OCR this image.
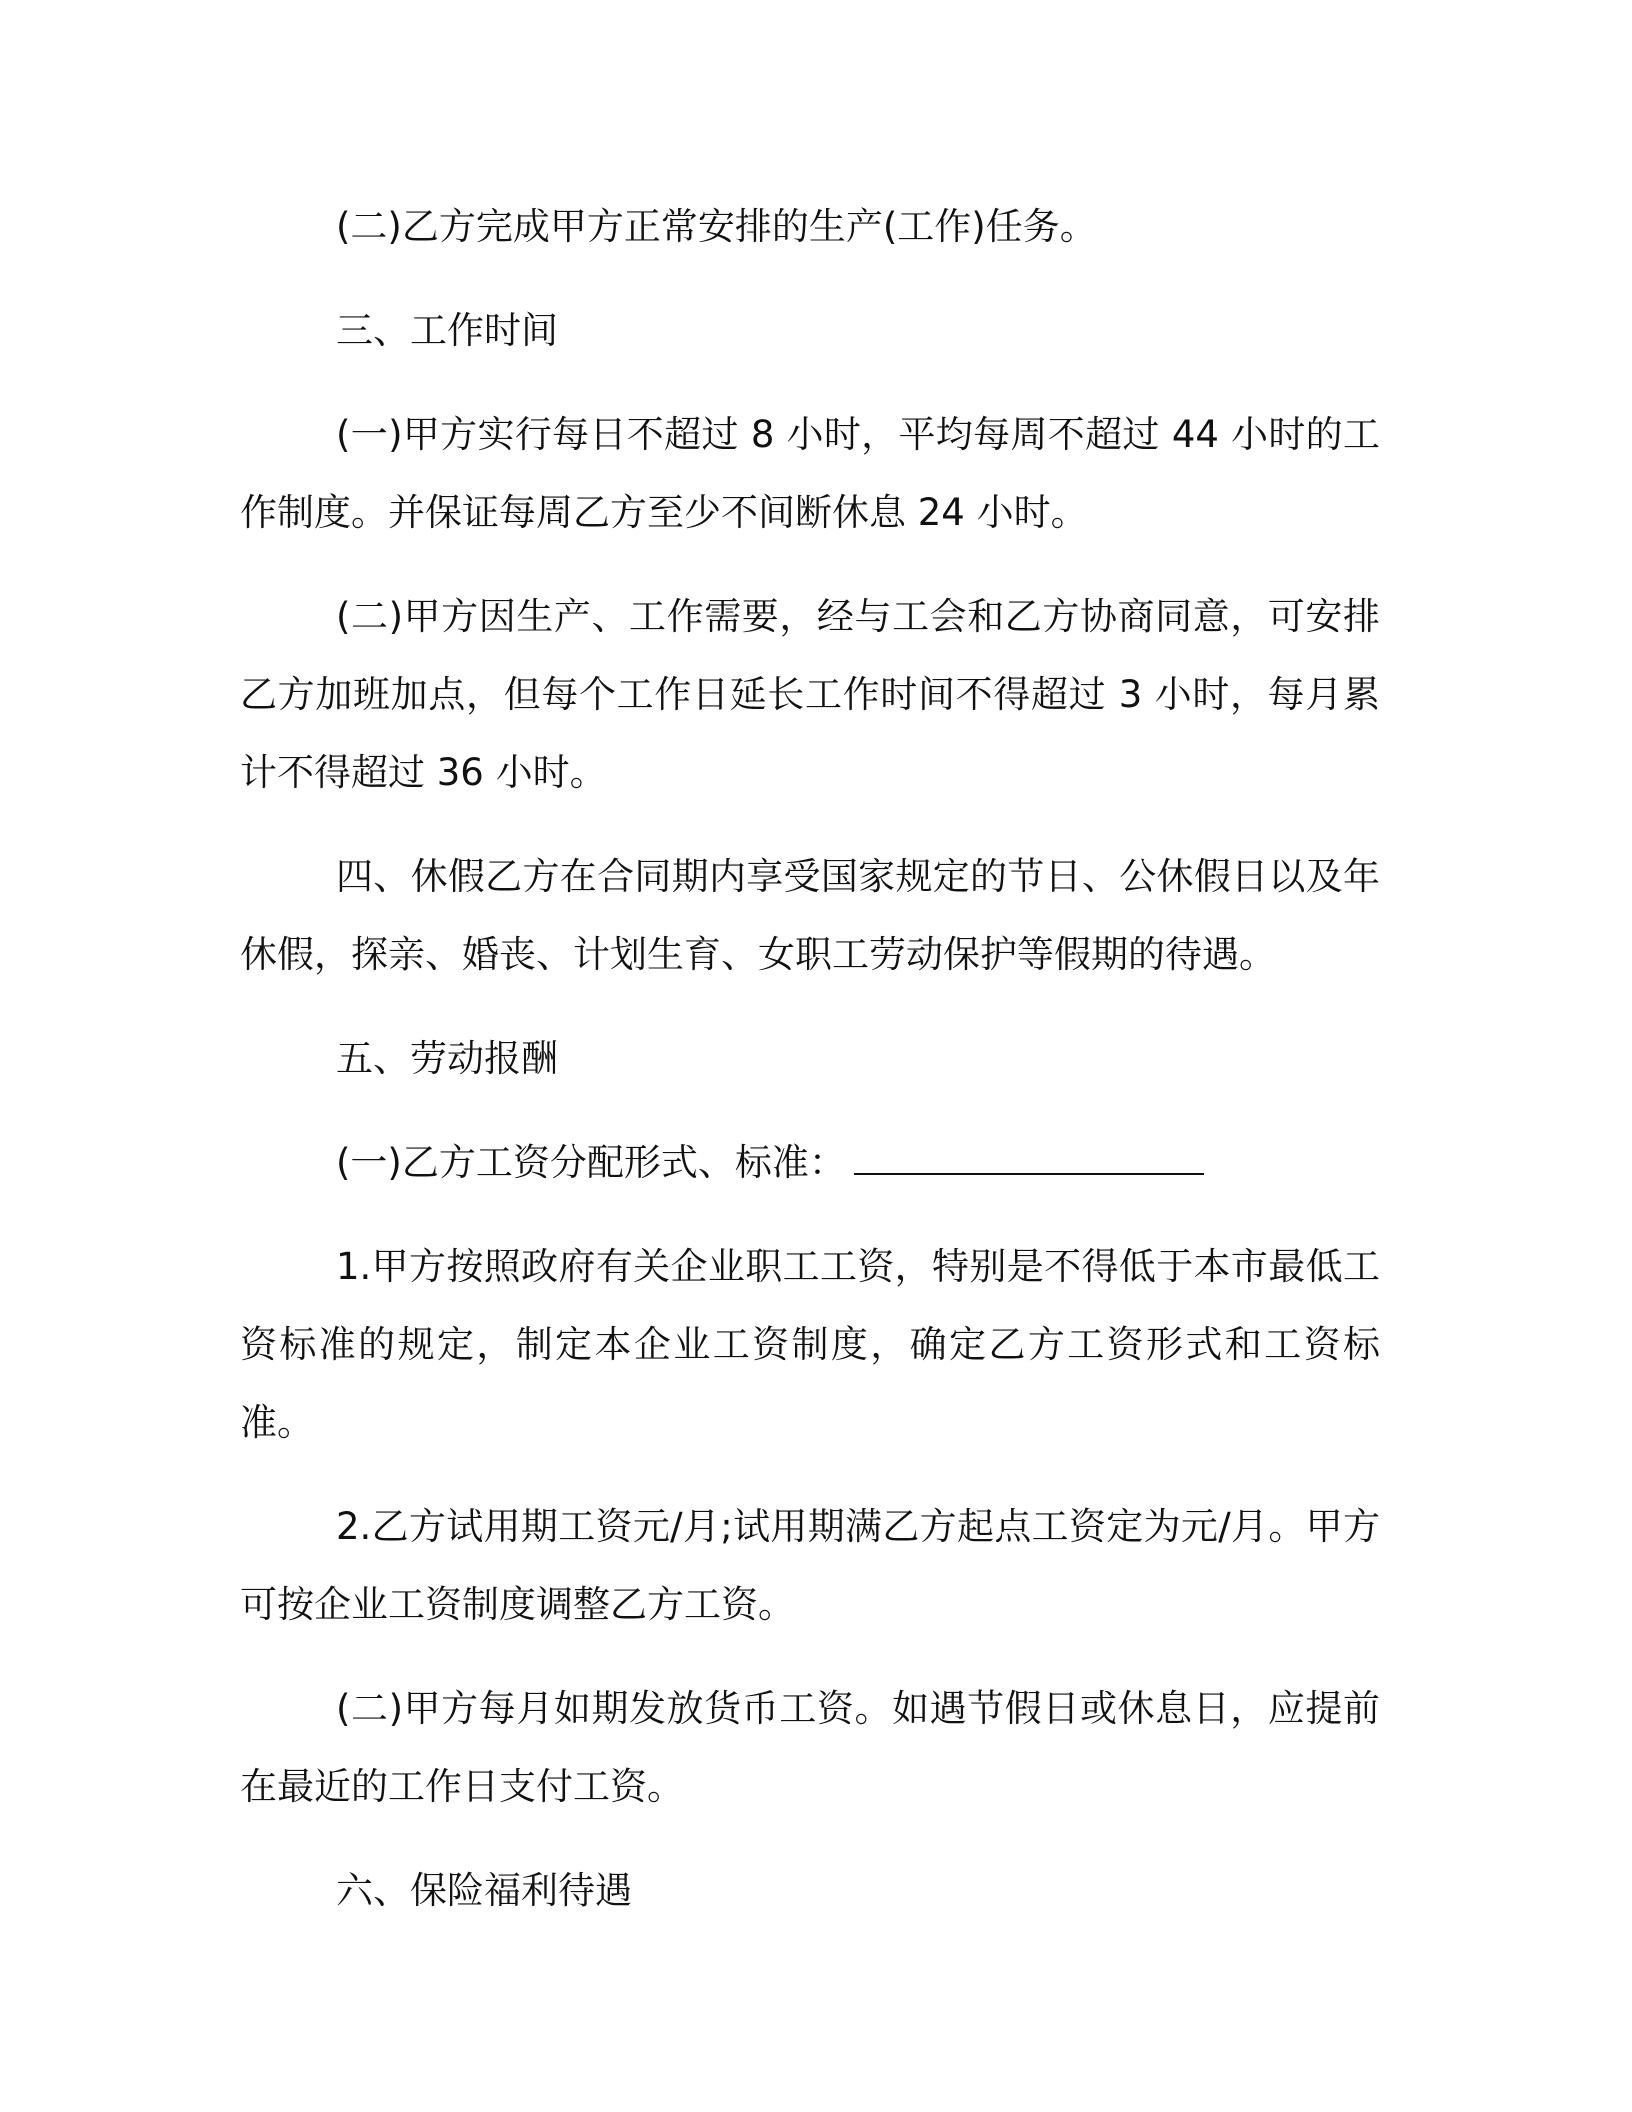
(二)乙方完成甲方正常安排的生产(工作)任务。

三、工作时间

(一)甲方实行每日不超过 8 小时，平均每周不超过 44 小时的工作制度。并保证每周乙方至少不间断休息 24 小时。

(二)甲方因生产、工作需要，经与工会和乙方协商同意，可安排乙方加班加点，但每个工作日延长工作时间不得超过 3 小时，每月累计不得超过 36 小时。

四、休假乙方在合同期内享受国家规定的节日、公休假日以及年休假，探亲、婚丧、计划生育、女职工劳动保护等假期的待遇。

五、劳动报酬

(一)乙方工资分配形式、标准：

1.甲方按照政府有关企业职工工资，特别是不得低于本市最低工资标准的规定，制定本企业工资制度，确定乙方工资形式和工资标准。

2.乙方试用期工资元/月;试用期满乙方起点工资定为元/月。甲方可按企业工资制度调整乙方工资。

(二)甲方每月如期发放货币工资。如遇节假日或休息日，应提前在最近的工作日支付工资。

六、保险福利待遇
